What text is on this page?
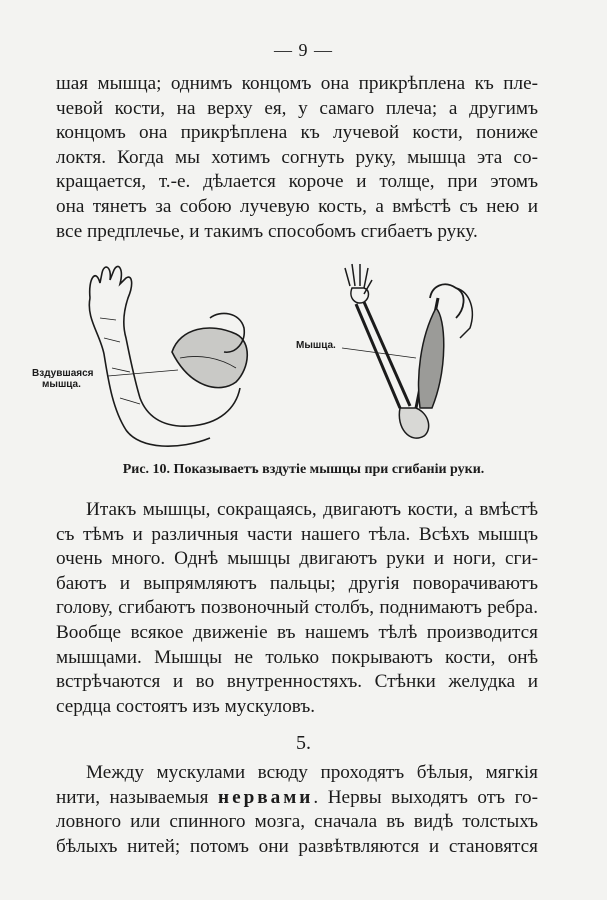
— 9 —
шая мышца; однимъ концомъ она прикрѣплена къ пле-
чевой кости, на верху ея, у самаго плеча; а другимъ
концомъ она прикрѣплена къ лучевой кости, пониже
локтя. Когда мы хотимъ согнуть руку, мышца эта со-
кращается, т.-е. дѣлается короче и толще, при этомъ
она тянетъ за собою лучевую кость, а вмѣстѣ съ нею и
все предплечье, и такимъ способомъ сгибаетъ руку.
Вздувшаяся
мышца.
Мышца.
Рис. 10. Показываетъ вздутіе мышцы при сгибаніи руки.
Итакъ мышцы, сокращаясь, двигаютъ кости, а вмѣстѣ
съ тѣмъ и различныя части нашего тѣла. Всѣхъ мышцъ
очень много. Однѣ мышцы двигаютъ руки и ноги, сги-
баютъ и выпрямляютъ пальцы; другія поворачиваютъ
голову, сгибаютъ позвоночный столбъ, поднимаютъ ребра.
Вообще всякое движеніе въ нашемъ тѣлѣ производится
мышцами. Мышцы не только покрываютъ кости, онѣ
встрѣчаются и во внутренностяхъ. Стѣнки желудка и
сердца состоятъ изъ мускуловъ.
5.
Между мускулами всюду проходятъ бѣлыя, мягкія
нити, называемыя нервами. Нервы выходятъ отъ го-
ловного или спинного мозга, сначала въ видѣ толстыхъ
бѣлыхъ нитей; потомъ они развѣтвляются и становятся
